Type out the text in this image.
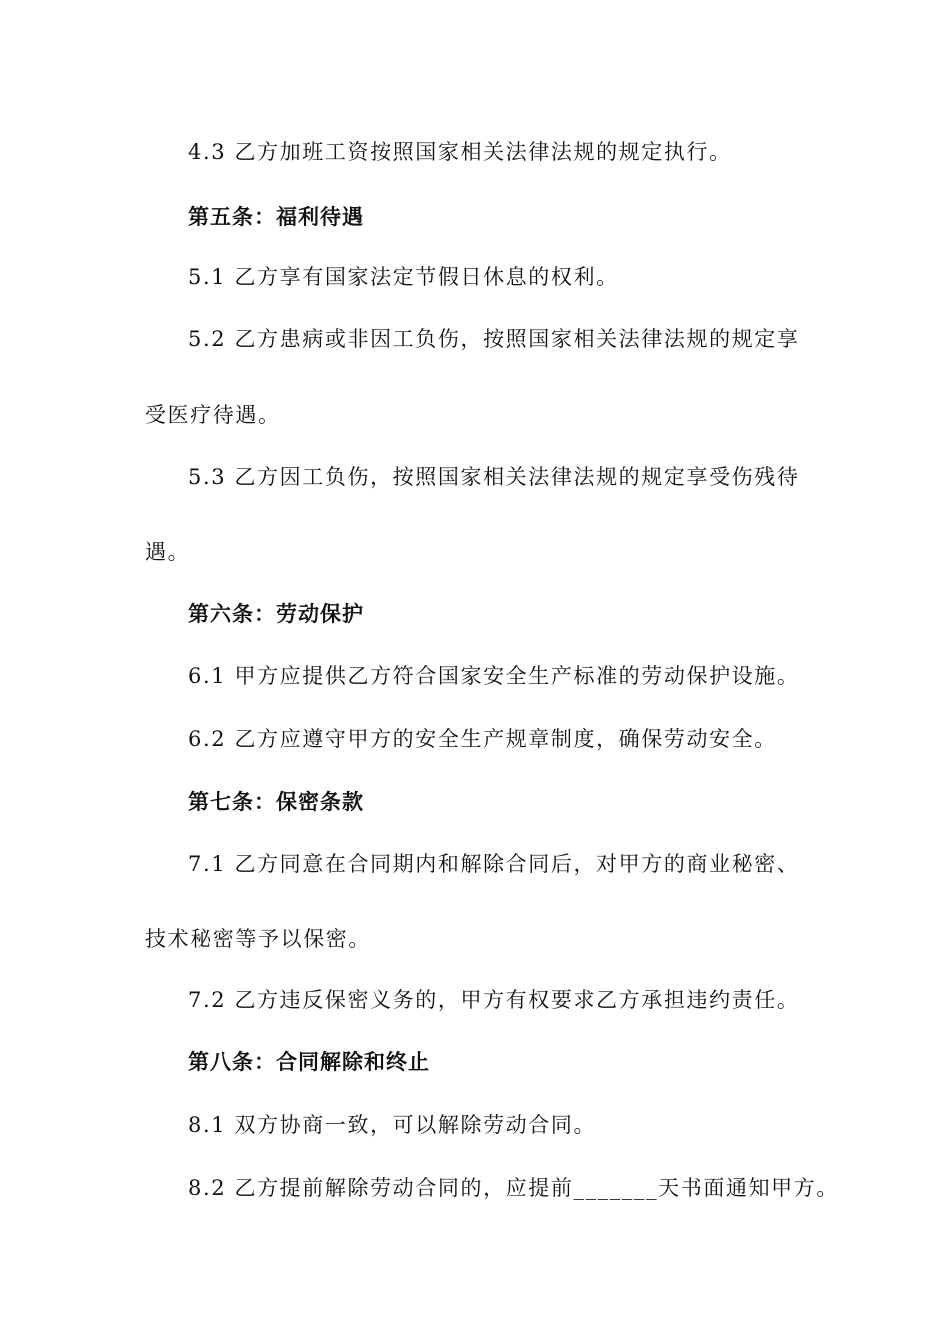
4.3 乙方加班工资按照国家相关法律法规的规定执行。
第五条：福利待遇
5.1 乙方享有国家法定节假日休息的权利。
5.2 乙方患病或非因工负伤，按照国家相关法律法规的规定享
受医疗待遇。
5.3 乙方因工负伤，按照国家相关法律法规的规定享受伤残待
遇。
第六条：劳动保护
6.1 甲方应提供乙方符合国家安全生产标准的劳动保护设施。
6.2 乙方应遵守甲方的安全生产规章制度，确保劳动安全。
第七条：保密条款
7.1 乙方同意在合同期内和解除合同后，对甲方的商业秘密、
技术秘密等予以保密。
7.2 乙方违反保密义务的，甲方有权要求乙方承担违约责任。
第八条：合同解除和终止
8.1 双方协商一致，可以解除劳动合同。
8.2 乙方提前解除劳动合同的，应提前_______天书面通知甲方。
